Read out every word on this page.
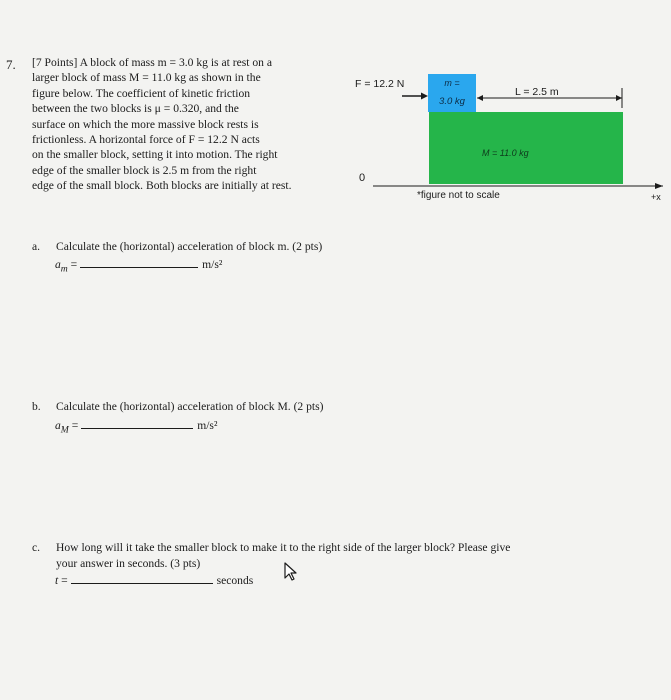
7. [7 Points] A block of mass m = 3.0 kg is at rest on a
larger block of mass M = 11.0 kg as shown in the
figure below. The coefficient of kinetic friction
between the two blocks is μ = 0.320, and the
surface on which the more massive block rests is
frictionless. A horizontal force of F = 12.2 N acts
on the smaller block, setting it into motion. The right
edge of the smaller block is 2.5 m from the right
edge of the small block. Both blocks are initially at rest.
F = 12.2 N
M = 11.0 kg
m =
3.0 kg
L = 2.5 m
0
*figure not to scale	+x
a. Calculate the (horizontal) acceleration of block m. (2 pts)
$a_m$ =	m/s²
b. Calculate the (horizontal) acceleration of block M. (2 pts)
$a_M$ =	m/s²
c. How long will it take the smaller block to make it to the right side of the larger block? Please give
your answer in seconds. (3 pts)
t =	seconds
